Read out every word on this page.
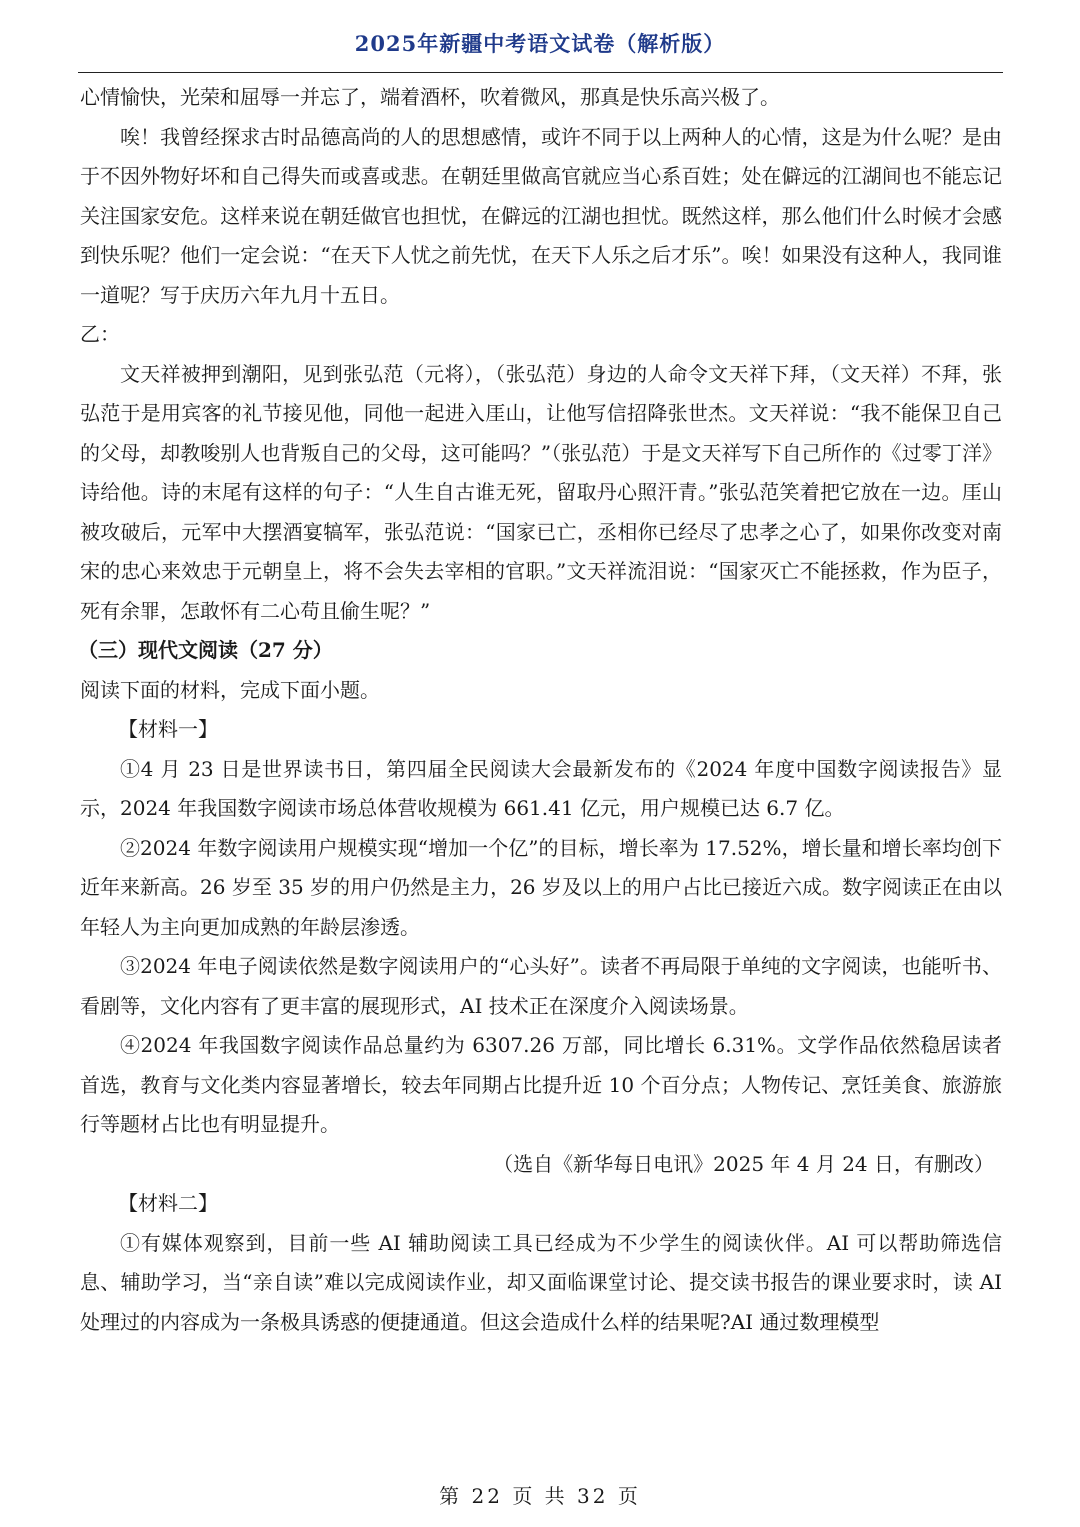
2025年新疆中考语文试卷（解析版）

心情愉快，光荣和屈辱一并忘了，端着酒杯，吹着微风，那真是快乐高兴极了。

唉！我曾经探求古时品德高尚的人的思想感情，或许不同于以上两种人的心情，这是为什么呢？是由于不因外物好坏和自己得失而或喜或悲。在朝廷里做高官就应当心系百姓；处在僻远的江湖间也不能忘记关注国家安危。这样来说在朝廷做官也担忧，在僻远的江湖也担忧。既然这样，那么他们什么时候才会感到快乐呢？他们一定会说：“在天下人忧之前先忧，在天下人乐之后才乐”。唉！如果没有这种人，我同谁一道呢？写于庆历六年九月十五日。

乙：

文天祥被押到潮阳，见到张弘范（元将），（张弘范）身边的人命令文天祥下拜，（文天祥）不拜，张弘范于是用宾客的礼节接见他，同他一起进入厓山，让他写信招降张世杰。文天祥说：“我不能保卫自己的父母，却教唆别人也背叛自己的父母，这可能吗？”（张弘范）于是文天祥写下自己所作的《过零丁洋》诗给他。诗的末尾有这样的句子：“人生自古谁无死，留取丹心照汗青。”张弘范笑着把它放在一边。厓山被攻破后，元军中大摆酒宴犒军，张弘范说：“国家已亡，丞相你已经尽了忠孝之心了，如果你改变对南宋的忠心来效忠于元朝皇上，将不会失去宰相的官职。”文天祥流泪说：“国家灭亡不能拯救，作为臣子，死有余罪，怎敢怀有二心苟且偷生呢？”

（三）现代文阅读（27 分）

阅读下面的材料，完成下面小题。

【材料一】

①4 月 23 日是世界读书日，第四届全民阅读大会最新发布的《2024 年度中国数字阅读报告》显示，2024 年我国数字阅读市场总体营收规模为 661.41 亿元，用户规模已达 6.7 亿。

②2024 年数字阅读用户规模实现“增加一个亿”的目标，增长率为 17.52%，增长量和增长率均创下近年来新高。26 岁至 35 岁的用户仍然是主力，26 岁及以上的用户占比已接近六成。数字阅读正在由以年轻人为主向更加成熟的年龄层渗透。

③2024 年电子阅读依然是数字阅读用户的“心头好”。读者不再局限于单纯的文字阅读，也能听书、看剧等，文化内容有了更丰富的展现形式，AI 技术正在深度介入阅读场景。

④2024 年我国数字阅读作品总量约为 6307.26 万部，同比增长 6.31%。文学作品依然稳居读者首选，教育与文化类内容显著增长，较去年同期占比提升近 10 个百分点；人物传记、烹饪美食、旅游旅行等题材占比也有明显提升。

（选自《新华每日电讯》2025 年 4 月 24 日，有删改）

【材料二】

①有媒体观察到，目前一些 AI 辅助阅读工具已经成为不少学生的阅读伙伴。AI 可以帮助筛选信息、辅助学习，当“亲自读”难以完成阅读作业，却又面临课堂讨论、提交读书报告的课业要求时，读 AI 处理过的内容成为一条极具诱惑的便捷通道。但这会造成什么样的结果呢?AI 通过数理模型

第 22 页 共 32 页
